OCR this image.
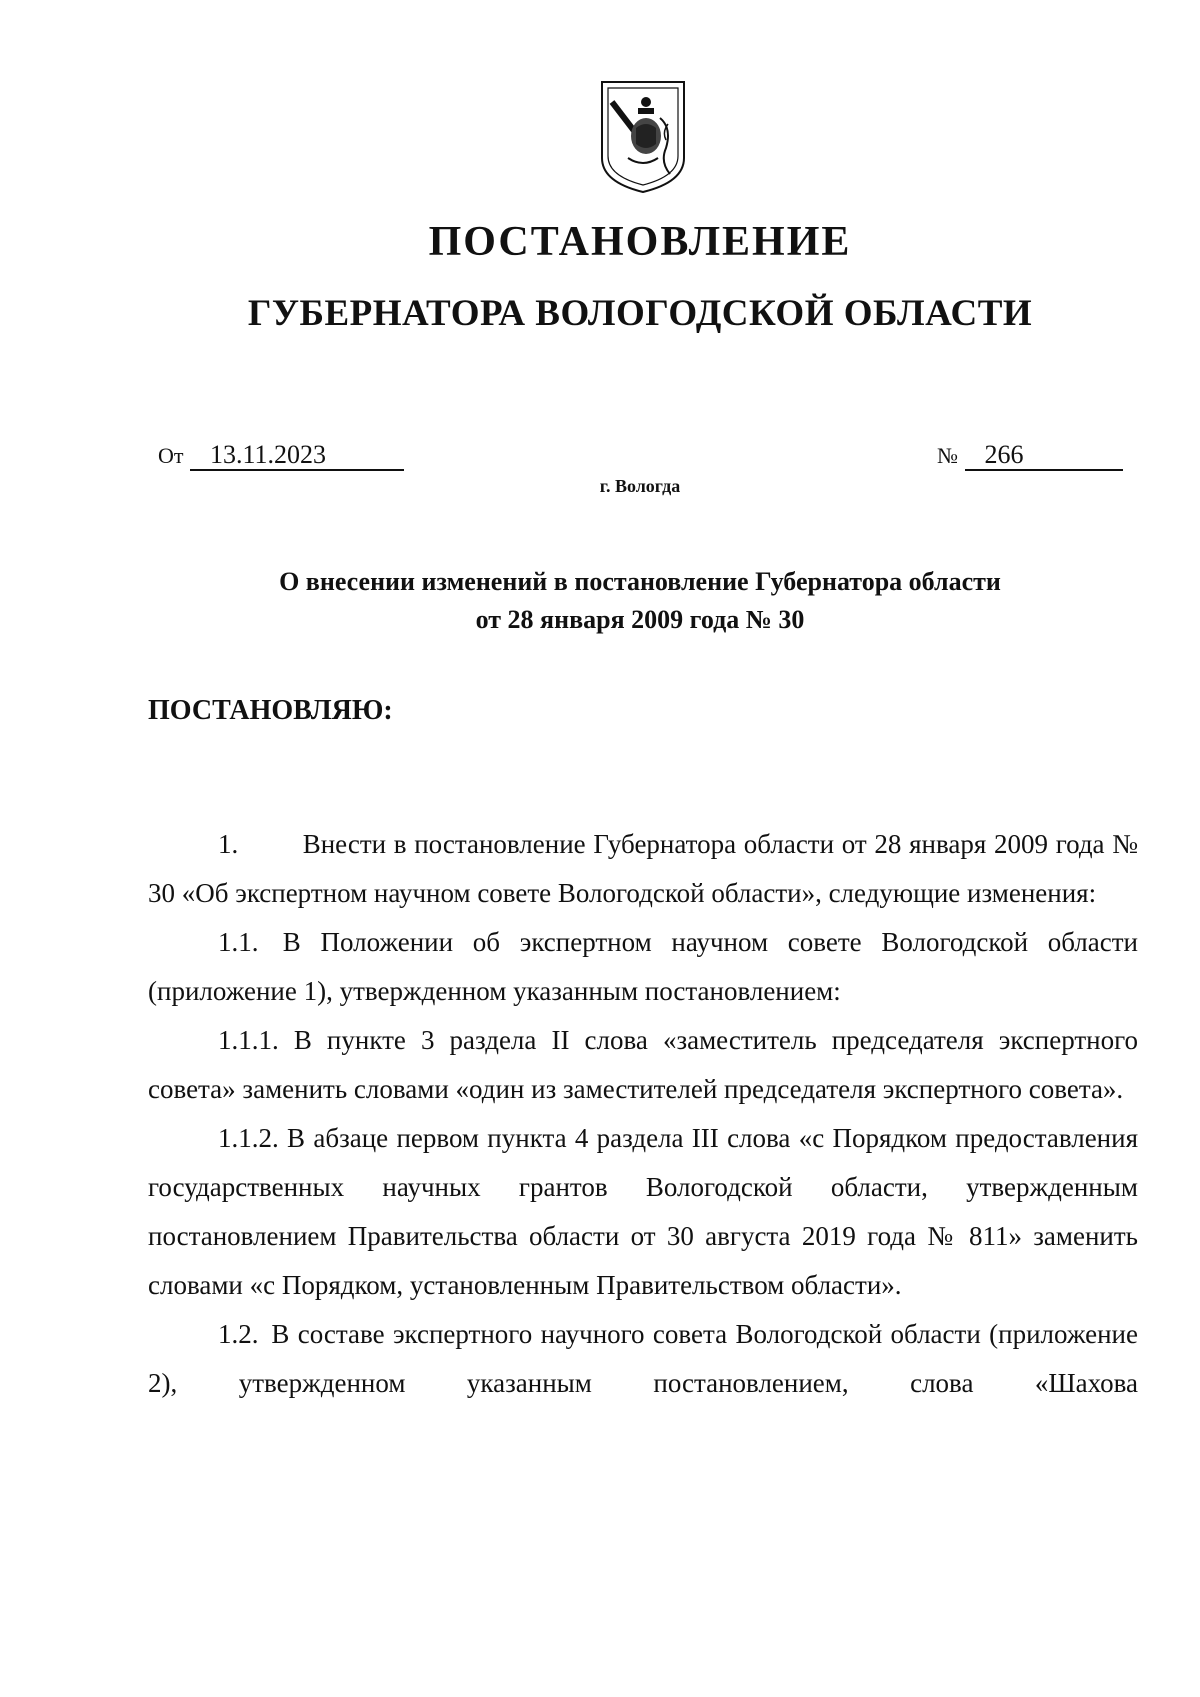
ПОСТАНОВЛЕНИЕ
ГУБЕРНАТОРА ВОЛОГОДСКОЙ ОБЛАСТИ
От 13.11.2023	№ 266
г. Вологда
О внесении изменений в постановление Губернатора области
от 28 января 2009 года № 30
ПОСТАНОВЛЯЮ:

1. Внести в постановление Губернатора области от 28 января 2009 года № 30 «Об экспертном научном совете Вологодской области», следующие изменения:

1.1. В Положении об экспертном научном совете Вологодской области (приложение 1), утвержденном указанным постановлением:

1.1.1. В пункте 3 раздела II слова «заместитель председателя экспертного совета» заменить словами «один из заместителей председателя экспертного совета».

1.1.2. В абзаце первом пункта 4 раздела III слова «с Порядком предоставления государственных научных грантов Вологодской области, утвержденным постановлением Правительства области от 30 августа 2019 года № 811» заменить словами «с Порядком, установленным Правительством области».

1.2. В составе экспертного научного совета Вологодской области (приложение 2), утвержденном указанным постановлением, слова «Шахова
